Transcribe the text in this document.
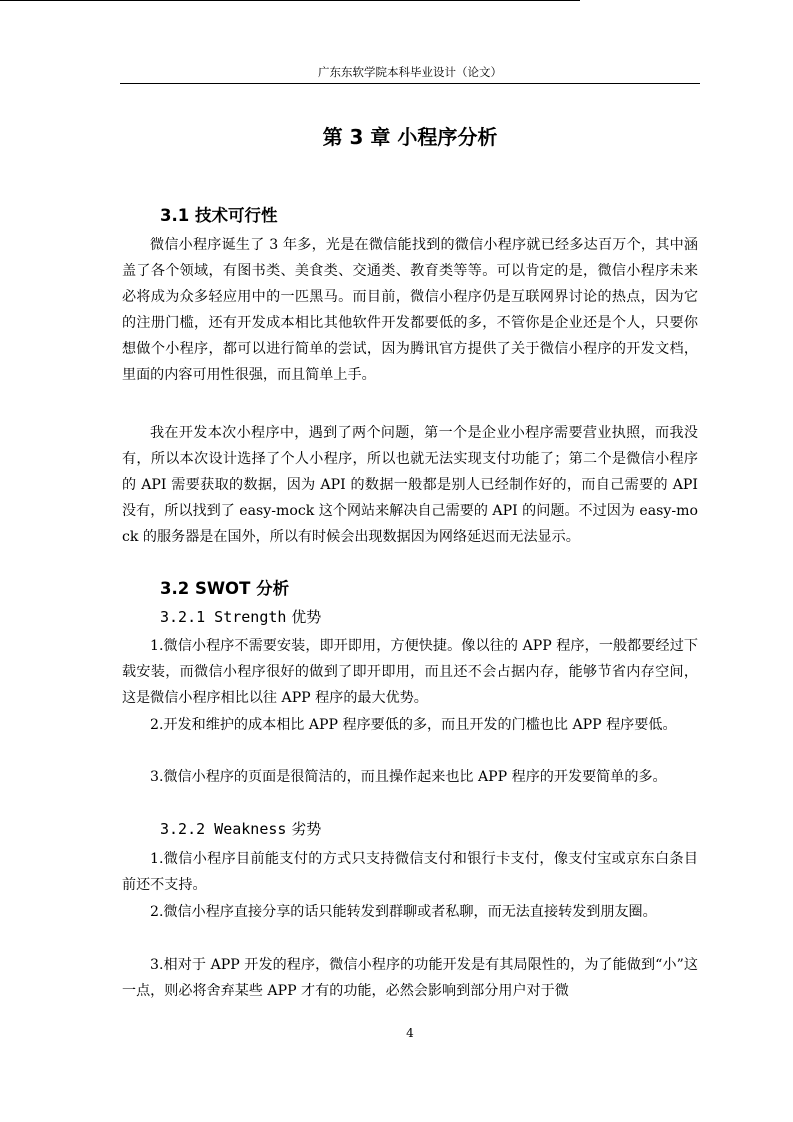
广东东软学院本科毕业设计（论文）
第 3 章 小程序分析
3.1 技术可行性
微信小程序诞生了 3 年多，光是在微信能找到的微信小程序就已经多达百万个，其中涵盖了各个领域，有图书类、美食类、交通类、教育类等等。可以肯定的是，微信小程序未来必将成为众多轻应用中的一匹黑马。而目前，微信小程序仍是互联网界讨论的热点，因为它的注册门槛，还有开发成本相比其他软件开发都要低的多，不管你是企业还是个人，只要你想做个小程序，都可以进行简单的尝试，因为腾讯官方提供了关于微信小程序的开发文档，里面的内容可用性很强，而且简单上手。
我在开发本次小程序中，遇到了两个问题，第一个是企业小程序需要营业执照，而我没有，所以本次设计选择了个人小程序，所以也就无法实现支付功能了；第二个是微信小程序的 API 需要获取的数据，因为 API 的数据一般都是别人已经制作好的，而自己需要的 API 没有，所以找到了 easy-mock 这个网站来解决自己需要的 API 的问题。不过因为 easy-mock 的服务器是在国外，所以有时候会出现数据因为网络延迟而无法显示。
3.2 SWOT 分析
3.2.1 Strength 优势
1.微信小程序不需要安装，即开即用，方便快捷。像以往的 APP 程序，一般都要经过下载安装，而微信小程序很好的做到了即开即用，而且还不会占据内存，能够节省内存空间，这是微信小程序相比以往 APP 程序的最大优势。
2.开发和维护的成本相比 APP 程序要低的多，而且开发的门槛也比 APP 程序要低。
3.微信小程序的页面是很简洁的，而且操作起来也比 APP 程序的开发要简单的多。
3.2.2 Weakness 劣势
1.微信小程序目前能支付的方式只支持微信支付和银行卡支付，像支付宝或京东白条目前还不支持。
2.微信小程序直接分享的话只能转发到群聊或者私聊，而无法直接转发到朋友圈。
3.相对于 APP 开发的程序，微信小程序的功能开发是有其局限性的，为了能做到“小”这一点，则必将舍弃某些 APP 才有的功能，必然会影响到部分用户对于微
4
